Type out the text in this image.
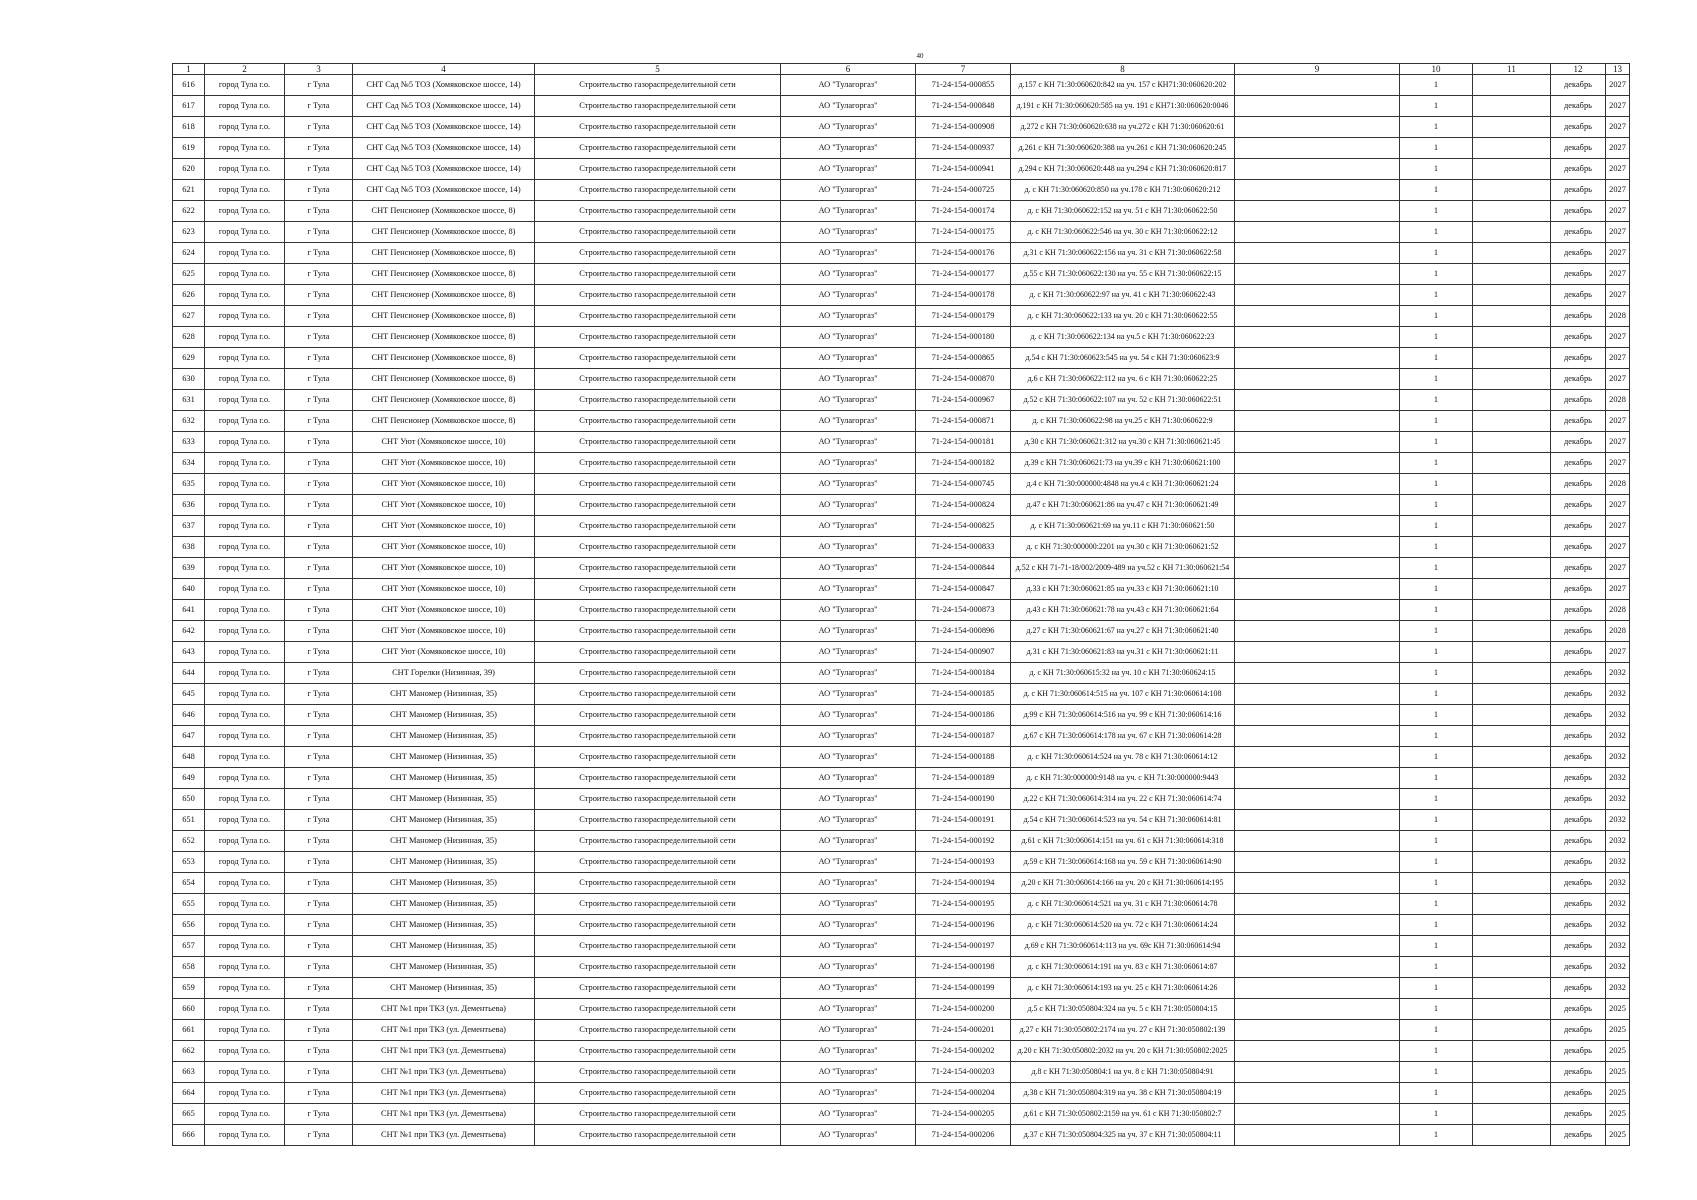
40
1	2	3	4	5	6	7	8	9	10	11	12	13
616	город Тула г.о.	г Тула	СНТ Сад №5 ТОЗ (Хомяковское шоссе, 14)	Строительство газораспределительной сети	АО "Тулагоргаз"	71-24-154-000855	д.157 с КН 71:30:060620:842 на уч. 157 с КН71:30:060620:202		1		декабрь	2027
617	город Тула г.о.	г Тула	СНТ Сад №5 ТОЗ (Хомяковское шоссе, 14)	Строительство газораспределительной сети	АО "Тулагоргаз"	71-24-154-000848	д.191 с КН 71:30:060620:585 на уч. 191 с КН71:30:060620:0046		1		декабрь	2027
618	город Тула г.о.	г Тула	СНТ Сад №5 ТОЗ (Хомяковское шоссе, 14)	Строительство газораспределительной сети	АО "Тулагоргаз"	71-24-154-000908	д.272 с КН 71:30:060620:638 на уч.272 с КН 71:30:060620:61		1		декабрь	2027
619	город Тула г.о.	г Тула	СНТ Сад №5 ТОЗ (Хомяковское шоссе, 14)	Строительство газораспределительной сети	АО "Тулагоргаз"	71-24-154-000937	д.261 с КН 71:30:060620:388 на уч.261 с КН 71:30:060620:245		1		декабрь	2027
620	город Тула г.о.	г Тула	СНТ Сад №5 ТОЗ (Хомяковское шоссе, 14)	Строительство газораспределительной сети	АО "Тулагоргаз"	71-24-154-000941	д.294 с КН 71:30:060620:448 на уч.294 с КН 71:30:060620:817		1		декабрь	2027
621	город Тула г.о.	г Тула	СНТ Сад №5 ТОЗ (Хомяковское шоссе, 14)	Строительство газораспределительной сети	АО "Тулагоргаз"	71-24-154-000725	д. с КН 71:30:060620:850 на уч.178 с КН 71:30:060620:212		1		декабрь	2027
622	город Тула г.о.	г Тула	СНТ Пенсионер (Хомяковское шоссе, 8)	Строительство газораспределительной сети	АО "Тулагоргаз"	71-24-154-000174	д. с КН 71:30:060622:152 на уч. 51 с КН 71:30:060622:50		1		декабрь	2027
623	город Тула г.о.	г Тула	СНТ Пенсионер (Хомяковское шоссе, 8)	Строительство газораспределительной сети	АО "Тулагоргаз"	71-24-154-000175	д. с КН 71:30:060622:546 на уч. 30 с КН 71:30:060622:12		1		декабрь	2027
624	город Тула г.о.	г Тула	СНТ Пенсионер (Хомяковское шоссе, 8)	Строительство газораспределительной сети	АО "Тулагоргаз"	71-24-154-000176	д.31 с КН 71:30:060622:156 на уч. 31 с КН 71:30:060622:58		1		декабрь	2027
625	город Тула г.о.	г Тула	СНТ Пенсионер (Хомяковское шоссе, 8)	Строительство газораспределительной сети	АО "Тулагоргаз"	71-24-154-000177	д.55 с КН 71:30:060622:130 на уч. 55 с КН 71:30:060622:15		1		декабрь	2027
626	город Тула г.о.	г Тула	СНТ Пенсионер (Хомяковское шоссе, 8)	Строительство газораспределительной сети	АО "Тулагоргаз"	71-24-154-000178	д. с КН 71:30:060622:97 на уч. 41 с КН 71:30:060622:43		1		декабрь	2027
627	город Тула г.о.	г Тула	СНТ Пенсионер (Хомяковское шоссе, 8)	Строительство газораспределительной сети	АО "Тулагоргаз"	71-24-154-000179	д. с КН 71:30:060622:133 на уч. 20 с КН 71:30:060622:55		1		декабрь	2028
628	город Тула г.о.	г Тула	СНТ Пенсионер (Хомяковское шоссе, 8)	Строительство газораспределительной сети	АО "Тулагоргаз"	71-24-154-000180	д. с КН 71:30:060622:134 на уч.5 с КН 71:30:060622:23		1		декабрь	2027
629	город Тула г.о.	г Тула	СНТ Пенсионер (Хомяковское шоссе, 8)	Строительство газораспределительной сети	АО "Тулагоргаз"	71-24-154-000865	д.54 с КН 71:30:060623:545 на уч. 54 с КН 71:30:060623:9		1		декабрь	2027
630	город Тула г.о.	г Тула	СНТ Пенсионер (Хомяковское шоссе, 8)	Строительство газораспределительной сети	АО "Тулагоргаз"	71-24-154-000870	д.6 с КН 71:30:060622:112 на уч. 6 с КН 71:30:060622:25		1		декабрь	2027
631	город Тула г.о.	г Тула	СНТ Пенсионер (Хомяковское шоссе, 8)	Строительство газораспределительной сети	АО "Тулагоргаз"	71-24-154-000967	д.52 с КН 71:30:060622:107 на уч. 52 с КН 71:30:060622:51		1		декабрь	2028
632	город Тула г.о.	г Тула	СНТ Пенсионер (Хомяковское шоссе, 8)	Строительство газораспределительной сети	АО "Тулагоргаз"	71-24-154-000871	д. с КН 71:30:060622:98 на уч.25 с КН 71:30:060622:9		1		декабрь	2027
633	город Тула г.о.	г Тула	СНТ Уют (Хомяковское шоссе, 10)	Строительство газораспределительной сети	АО "Тулагоргаз"	71-24-154-000181	д.30 с КН 71:30:060621:312 на уч.30 с КН 71:30:060621:45		1		декабрь	2027
634	город Тула г.о.	г Тула	СНТ Уют (Хомяковское шоссе, 10)	Строительство газораспределительной сети	АО "Тулагоргаз"	71-24-154-000182	д.39 с КН 71:30:060621:73 на уч.39 с КН 71:30:060621:100		1		декабрь	2027
635	город Тула г.о.	г Тула	СНТ Уют (Хомяковское шоссе, 10)	Строительство газораспределительной сети	АО "Тулагоргаз"	71-24-154-000745	д.4 с КН 71:30:000000:4848 на уч.4 с КН 71:30:060621:24		1		декабрь	2028
636	город Тула г.о.	г Тула	СНТ Уют (Хомяковское шоссе, 10)	Строительство газораспределительной сети	АО "Тулагоргаз"	71-24-154-000824	д.47 с КН 71:30:060621:86 на уч.47 с КН 71:30:060621:49		1		декабрь	2027
637	город Тула г.о.	г Тула	СНТ Уют (Хомяковское шоссе, 10)	Строительство газораспределительной сети	АО "Тулагоргаз"	71-24-154-000825	д. с КН 71:30:060621:69 на уч.11 с КН 71:30:060621:50		1		декабрь	2027
638	город Тула г.о.	г Тула	СНТ Уют (Хомяковское шоссе, 10)	Строительство газораспределительной сети	АО "Тулагоргаз"	71-24-154-000833	д. с КН 71:30:000000:2201 на уч.30 с КН 71:30:060621:52		1		декабрь	2027
639	город Тула г.о.	г Тула	СНТ Уют (Хомяковское шоссе, 10)	Строительство газораспределительной сети	АО "Тулагоргаз"	71-24-154-000844	д.52 с КН 71-71-18/002/2009-489 на уч.52 с КН 71:30:060621:54		1		декабрь	2027
640	город Тула г.о.	г Тула	СНТ Уют (Хомяковское шоссе, 10)	Строительство газораспределительной сети	АО "Тулагоргаз"	71-24-154-000847	д.33 с КН 71:30:060621:85 на уч.33 с КН 71:30:060621:10		1		декабрь	2027
641	город Тула г.о.	г Тула	СНТ Уют (Хомяковское шоссе, 10)	Строительство газораспределительной сети	АО "Тулагоргаз"	71-24-154-000873	д.43 с КН 71:30:060621:78 на уч.43 с КН 71:30:060621:64		1		декабрь	2028
642	город Тула г.о.	г Тула	СНТ Уют (Хомяковское шоссе, 10)	Строительство газораспределительной сети	АО "Тулагоргаз"	71-24-154-000896	д.27 с КН 71:30:060621:67 на уч.27 с КН 71:30:060621:40		1		декабрь	2028
643	город Тула г.о.	г Тула	СНТ Уют (Хомяковское шоссе, 10)	Строительство газораспределительной сети	АО "Тулагоргаз"	71-24-154-000907	д.31 с КН 71:30:060621:83 на уч.31 с КН 71:30:060621:11		1		декабрь	2027
644	город Тула г.о.	г Тула	СНТ Горелки (Низинная, 39)	Строительство газораспределительной сети	АО "Тулагоргаз"	71-24-154-000184	д. с КН 71:30:060615:32 на уч. 10 с КН 71:30:060624:15		1		декабрь	2032
645	город Тула г.о.	г Тула	СНТ Маномер (Низинная, 35)	Строительство газораспределительной сети	АО "Тулагоргаз"	71-24-154-000185	д. с КН 71:30:060614:515 на уч. 107 с КН 71:30:060614:108		1		декабрь	2032
646	город Тула г.о.	г Тула	СНТ Маномер (Низинная, 35)	Строительство газораспределительной сети	АО "Тулагоргаз"	71-24-154-000186	д.99 с КН 71:30:060614:516 на уч. 99 с КН 71:30:060614:16		1		декабрь	2032
647	город Тула г.о.	г Тула	СНТ Маномер (Низинная, 35)	Строительство газораспределительной сети	АО "Тулагоргаз"	71-24-154-000187	д.67 с КН 71:30:060614:178 на уч. 67 с КН 71:30:060614:28		1		декабрь	2032
648	город Тула г.о.	г Тула	СНТ Маномер (Низинная, 35)	Строительство газораспределительной сети	АО "Тулагоргаз"	71-24-154-000188	д. с КН 71:30:060614:524 на уч. 78 с КН 71:30:060614:12		1		декабрь	2032
649	город Тула г.о.	г Тула	СНТ Маномер (Низинная, 35)	Строительство газораспределительной сети	АО "Тулагоргаз"	71-24-154-000189	д. с КН 71:30:000000:9148 на уч. с КН 71:30:000000:9443		1		декабрь	2032
650	город Тула г.о.	г Тула	СНТ Маномер (Низинная, 35)	Строительство газораспределительной сети	АО "Тулагоргаз"	71-24-154-000190	д.22 с КН 71:30:060614:314 на уч. 22 с КН 71:30:060614:74		1		декабрь	2032
651	город Тула г.о.	г Тула	СНТ Маномер (Низинная, 35)	Строительство газораспределительной сети	АО "Тулагоргаз"	71-24-154-000191	д.54 с КН 71:30:060614:523 на уч. 54 с КН 71:30:060614:81		1		декабрь	2032
652	город Тула г.о.	г Тула	СНТ Маномер (Низинная, 35)	Строительство газораспределительной сети	АО "Тулагоргаз"	71-24-154-000192	д.61 с КН 71:30:060614:151 на уч. 61 с КН 71:30:060614:318		1		декабрь	2032
653	город Тула г.о.	г Тула	СНТ Маномер (Низинная, 35)	Строительство газораспределительной сети	АО "Тулагоргаз"	71-24-154-000193	д.59 с КН 71:30:060614:168 на уч. 59 с КН 71:30:060614:90		1		декабрь	2032
654	город Тула г.о.	г Тула	СНТ Маномер (Низинная, 35)	Строительство газораспределительной сети	АО "Тулагоргаз"	71-24-154-000194	д.20 с КН 71:30:060614:166 на уч. 20 с КН 71:30:060614:195		1		декабрь	2032
655	город Тула г.о.	г Тула	СНТ Маномер (Низинная, 35)	Строительство газораспределительной сети	АО "Тулагоргаз"	71-24-154-000195	д. с КН 71:30:060614:521 на уч. 31 с КН 71:30:060614:78		1		декабрь	2032
656	город Тула г.о.	г Тула	СНТ Маномер (Низинная, 35)	Строительство газораспределительной сети	АО "Тулагоргаз"	71-24-154-000196	д. с КН 71:30:060614:520 на уч. 72 с КН 71:30:060614:24		1		декабрь	2032
657	город Тула г.о.	г Тула	СНТ Маномер (Низинная, 35)	Строительство газораспределительной сети	АО "Тулагоргаз"	71-24-154-000197	д.69 с КН 71:30:060614:113 на уч. 69с КН 71:30:060614:94		1		декабрь	2032
658	город Тула г.о.	г Тула	СНТ Маномер (Низинная, 35)	Строительство газораспределительной сети	АО "Тулагоргаз"	71-24-154-000198	д. с КН 71:30:060614:191 на уч. 83 с КН 71:30:060614:87		1		декабрь	2032
659	город Тула г.о.	г Тула	СНТ Маномер (Низинная, 35)	Строительство газораспределительной сети	АО "Тулагоргаз"	71-24-154-000199	д. с КН 71:30:060614:193 на уч. 25 с КН 71:30:060614:26		1		декабрь	2032
660	город Тула г.о.	г Тула	СНТ №1 при ТКЗ (ул. Дементьева)	Строительство газораспределительной сети	АО "Тулагоргаз"	71-24-154-000200	д.5 с КН 71:30:050804:324 на уч. 5 с КН 71:30:050804:15		1		декабрь	2025
661	город Тула г.о.	г Тула	СНТ №1 при ТКЗ (ул. Дементьева)	Строительство газораспределительной сети	АО "Тулагоргаз"	71-24-154-000201	д.27 с КН 71:30:050802:2174 на уч. 27 с КН 71:30:050802:139		1		декабрь	2025
662	город Тула г.о.	г Тула	СНТ №1 при ТКЗ (ул. Дементьева)	Строительство газораспределительной сети	АО "Тулагоргаз"	71-24-154-000202	д.20 с КН 71:30:050802:2032 на уч. 20 с КН 71:30:050802:2025		1		декабрь	2025
663	город Тула г.о.	г Тула	СНТ №1 при ТКЗ (ул. Дементьева)	Строительство газораспределительной сети	АО "Тулагоргаз"	71-24-154-000203	д.8 с КН 71:30:050804:1 на уч. 8 с КН 71:30:050804:91		1		декабрь	2025
664	город Тула г.о.	г Тула	СНТ №1 при ТКЗ (ул. Дементьева)	Строительство газораспределительной сети	АО "Тулагоргаз"	71-24-154-000204	д.38 с КН 71:30:050804:319 на уч. 38 с КН 71:30:050804:19		1		декабрь	2025
665	город Тула г.о.	г Тула	СНТ №1 при ТКЗ (ул. Дементьева)	Строительство газораспределительной сети	АО "Тулагоргаз"	71-24-154-000205	д.61 с КН 71:30:050802:2159 на уч. 61 с КН 71:30:050802:7		1		декабрь	2025
666	город Тула г.о.	г Тула	СНТ №1 при ТКЗ (ул. Дементьева)	Строительство газораспределительной сети	АО "Тулагоргаз"	71-24-154-000206	д.37 с КН 71:30:050804:325 на уч. 37 с КН 71:30:050804:11		1		декабрь	2025
